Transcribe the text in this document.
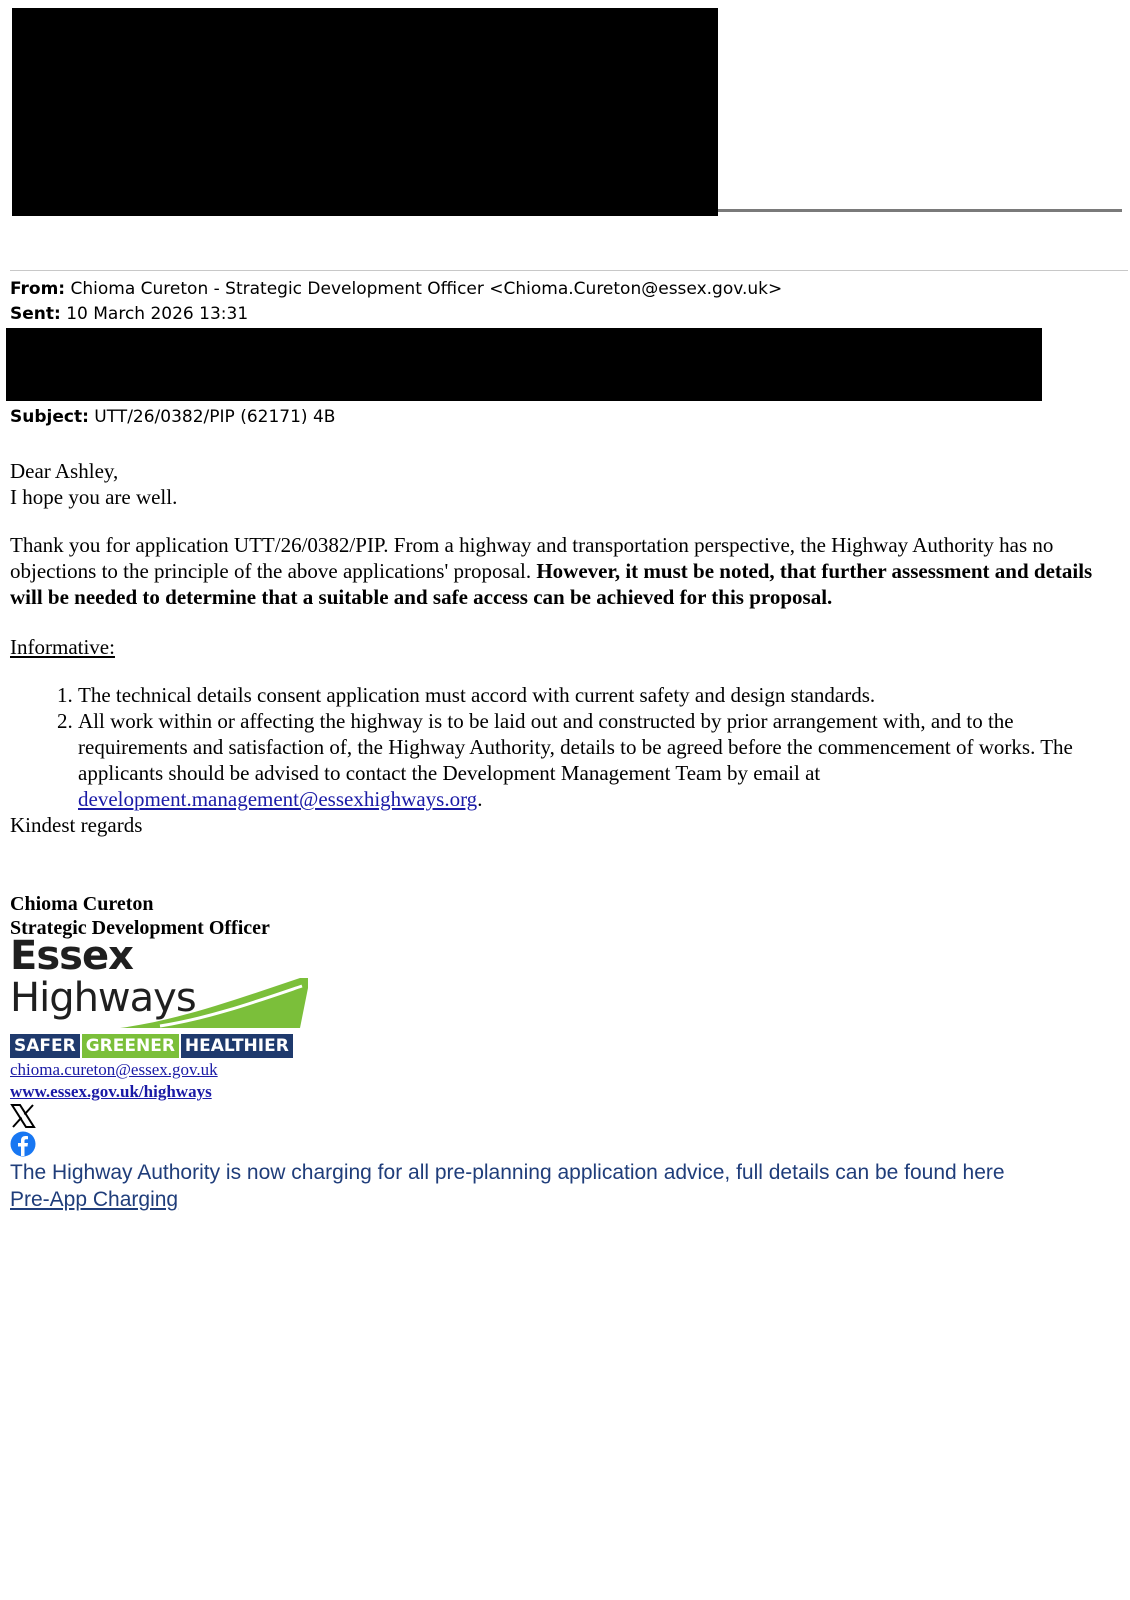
From: Chioma Cureton - Strategic Development Officer <Chioma.Cureton@essex.gov.uk>
Sent: 10 March 2026 13:31
Subject: UTT/26/0382/PIP (62171) 4B
Dear Ashley,
I hope you are well.
Thank you for application UTT/26/0382/PIP. From a highway and transportation perspective, the Highway Authority has no objections to the principle of the above applications' proposal. However, it must be noted, that further assessment and details will be needed to determine that a suitable and safe access can be achieved for this proposal.
Informative:
1. The technical details consent application must accord with current safety and design standards.
2. All work within or affecting the highway is to be laid out and constructed by prior arrangement with, and to the requirements and satisfaction of, the Highway Authority, details to be agreed before the commencement of works. The applicants should be advised to contact the Development Management Team by email at development.management@essexhighways.org.
Kindest regards
Chioma Cureton
Strategic Development Officer
Essex
Highways
SAFER GREENER HEALTHIER
chioma.cureton@essex.gov.uk
www.essex.gov.uk/highways
The Highway Authority is now charging for all pre-planning application advice, full details can be found here
Pre-App Charging
